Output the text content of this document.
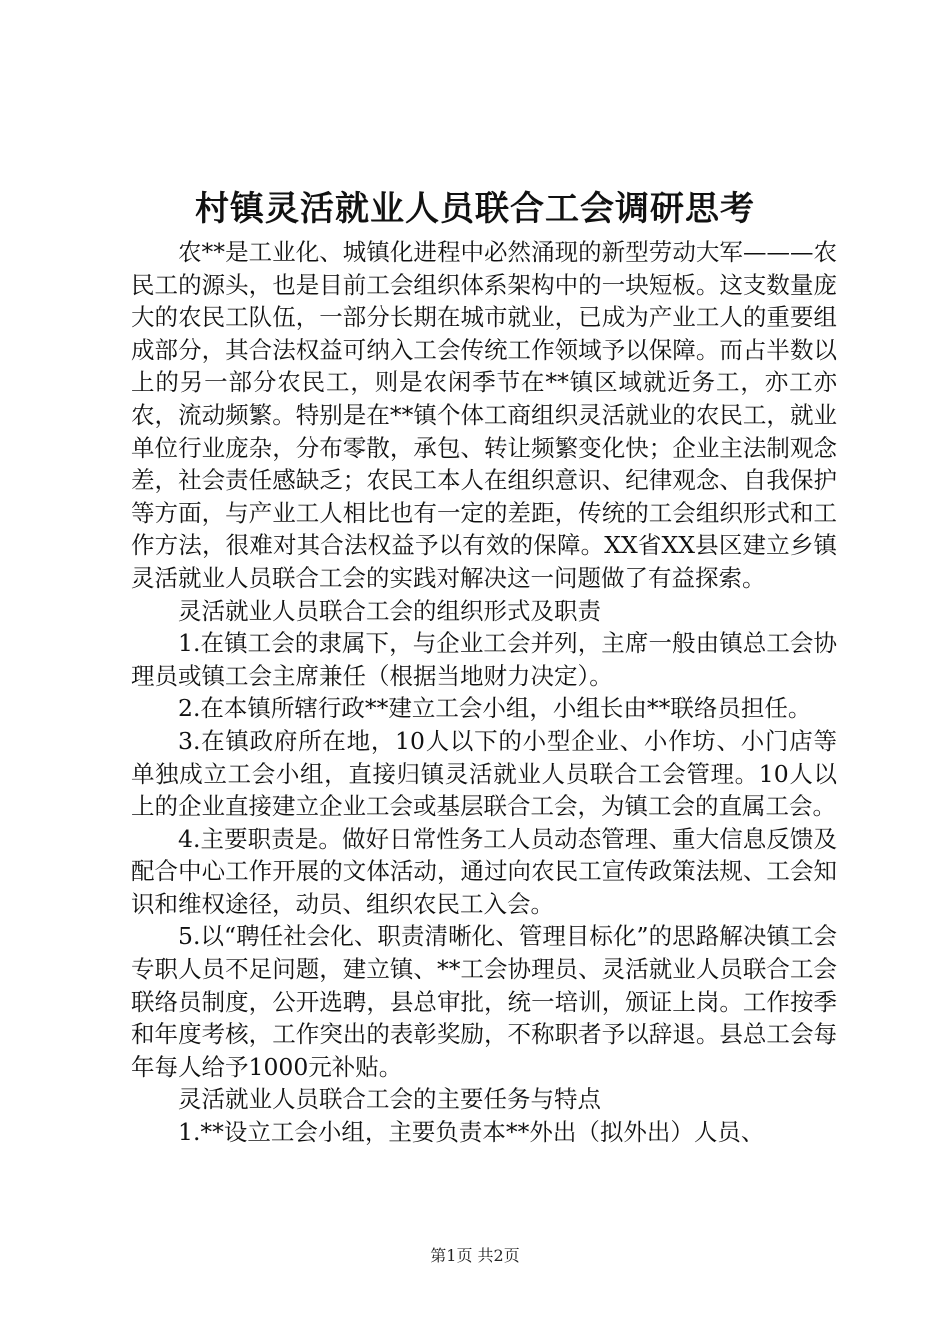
村镇灵活就业人员联合工会调研思考

农**是工业化、城镇化进程中必然涌现的新型劳动大军———农民工的源头，也是目前工会组织体系架构中的一块短板。这支数量庞大的农民工队伍，一部分长期在城市就业，已成为产业工人的重要组成部分，其合法权益可纳入工会传统工作领域予以保障。而占半数以上的另一部分农民工，则是农闲季节在**镇区域就近务工，亦工亦农，流动频繁。特别是在**镇个体工商组织灵活就业的农民工，就业单位行业庞杂，分布零散，承包、转让频繁变化快；企业主法制观念差，社会责任感缺乏；农民工本人在组织意识、纪律观念、自我保护等方面，与产业工人相比也有一定的差距，传统的工会组织形式和工作方法，很难对其合法权益予以有效的保障。XX省XX县区建立乡镇灵活就业人员联合工会的实践对解决这一问题做了有益探索。

灵活就业人员联合工会的组织形式及职责

1.在镇工会的隶属下，与企业工会并列，主席一般由镇总工会协理员或镇工会主席兼任（根据当地财力决定）。

2.在本镇所辖行政**建立工会小组，小组长由**联络员担任。

3.在镇政府所在地，10人以下的小型企业、小作坊、小门店等单独成立工会小组，直接归镇灵活就业人员联合工会管理。10人以上的企业直接建立企业工会或基层联合工会，为镇工会的直属工会。

4.主要职责是。做好日常性务工人员动态管理、重大信息反馈及配合中心工作开展的文体活动，通过向农民工宣传政策法规、工会知识和维权途径，动员、组织农民工入会。

5.以“聘任社会化、职责清晰化、管理目标化”的思路解决镇工会专职人员不足问题，建立镇、**工会协理员、灵活就业人员联合工会联络员制度，公开选聘，县总审批，统一培训，颁证上岗。工作按季和年度考核，工作突出的表彰奖励，不称职者予以辞退。县总工会每年每人给予1000元补贴。

灵活就业人员联合工会的主要任务与特点

1.**设立工会小组，主要负责本**外出（拟外出）人员、

第1页 共2页
